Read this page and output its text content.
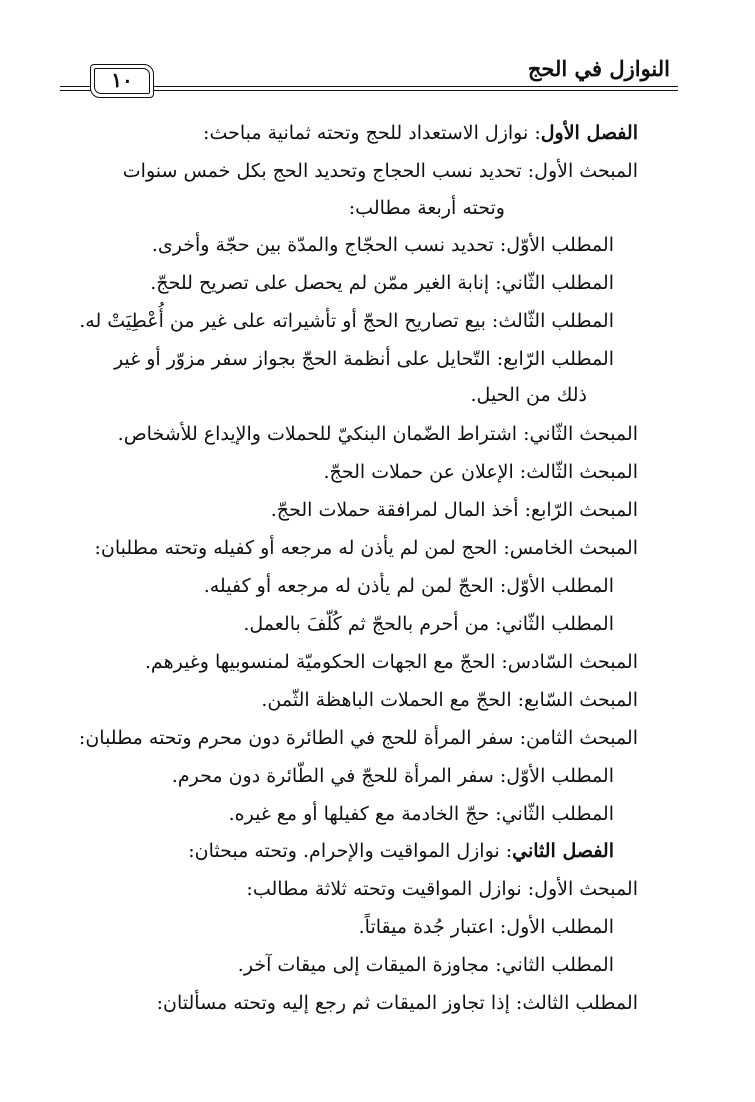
النوازل في الحج
١٠
الفصل الأول: نوازل الاستعداد للحج وتحته ثمانية مباحث:
المبحث الأول: تحديد نسب الحجاج وتحديد الحج بكل خمس سنوات
وتحته أربعة مطالب:
المطلب الأوّل: تحديد نسب الحجّاج والمدّة بين حجّة وأخرى.
المطلب الثّاني: إنابة الغير ممّن لم يحصل على تصريح للحجّ.
المطلب الثّالث: بيع تصاريح الحجّ أو تأشيراته على غير من أُعْطِيَتْ له.
المطلب الرّابع: التّحايل على أنظمة الحجّ بجواز سفر مزوّر أو غير
ذلك من الحيل.
المبحث الثّاني: اشتراط الضّمان البنكيّ للحملات والإيداع للأشخاص.
المبحث الثّالث: الإعلان عن حملات الحجّ.
المبحث الرّابع: أخذ المال لمرافقة حملات الحجّ.
المبحث الخامس: الحج لمن لم يأذن له مرجعه أو كفيله وتحته مطلبان:
المطلب الأوّل: الحجّ لمن لم يأذن له مرجعه أو كفيله.
المطلب الثّاني: من أحرم بالحجّ ثم كُلّفَ بالعمل.
المبحث السّادس: الحجّ مع الجهات الحكوميّة لمنسوبيها وغيرهم.
المبحث السّابع: الحجّ مع الحملات الباهظة الثّمن.
المبحث الثامن: سفر المرأة للحج في الطائرة دون محرم وتحته مطلبان:
المطلب الأوّل: سفر المرأة للحجّ في الطّائرة دون محرم.
المطلب الثّاني: حجّ الخادمة مع كفيلها أو مع غيره.
الفصل الثاني: نوازل المواقيت والإحرام. وتحته مبحثان:
المبحث الأول: نوازل المواقيت وتحته ثلاثة مطالب:
المطلب الأول: اعتبار جُدة ميقاتاً.
المطلب الثاني: مجاوزة الميقات إلى ميقات آخر.
المطلب الثالث: إذا تجاوز الميقات ثم رجع إليه وتحته مسألتان:
